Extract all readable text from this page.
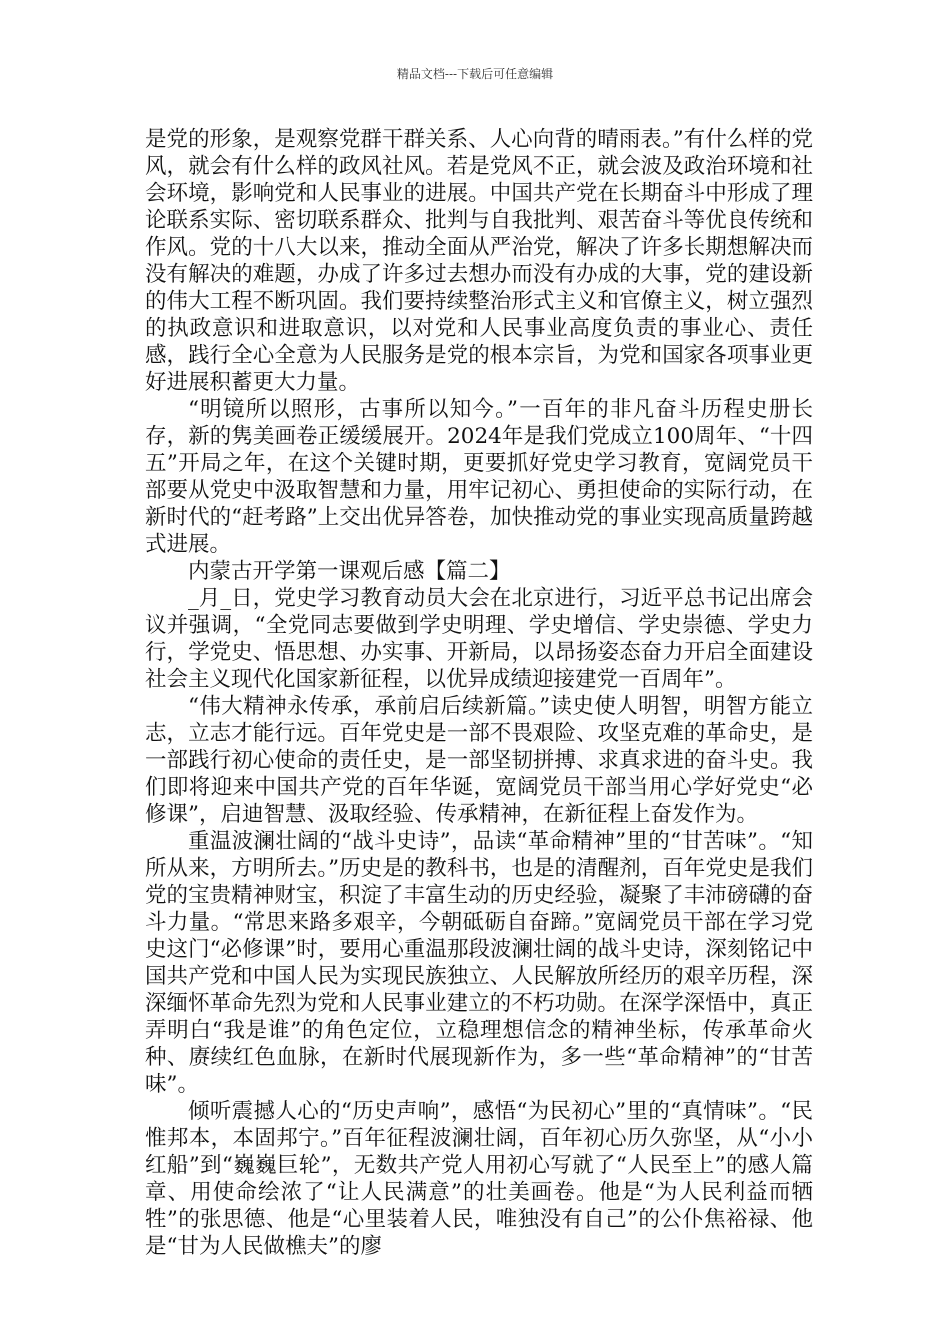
精品文档---下载后可任意编辑

是党的形象，是观察党群干群关系、人心向背的晴雨表。”有什么样的党风，就会有什么样的政风社风。若是党风不正，就会波及政治环境和社会环境，影响党和人民事业的进展。中国共产党在长期奋斗中形成了理论联系实际、密切联系群众、批判与自我批判、艰苦奋斗等优良传统和作风。党的十八大以来，推动全面从严治党，解决了许多长期想解决而没有解决的难题，办成了许多过去想办而没有办成的大事，党的建设新的伟大工程不断巩固。我们要持续整治形式主义和官僚主义，树立强烈的执政意识和进取意识，以对党和人民事业高度负责的事业心、责任感，践行全心全意为人民服务是党的根本宗旨，为党和国家各项事业更好进展积蓄更大力量。

“明镜所以照形，古事所以知今。”一百年的非凡奋斗历程史册长存，新的隽美画卷正缓缓展开。2024年是我们党成立100周年、“十四五”开局之年，在这个关键时期，更要抓好党史学习教育，宽阔党员干部要从党史中汲取智慧和力量，用牢记初心、勇担使命的实际行动，在新时代的“赶考路”上交出优异答卷，加快推动党的事业实现高质量跨越式进展。

内蒙古开学第一课观后感【篇二】

_月_日，党史学习教育动员大会在北京进行，习近平总书记出席会议并强调，“全党同志要做到学史明理、学史增信、学史崇德、学史力行，学党史、悟思想、办实事、开新局，以昂扬姿态奋力开启全面建设社会主义现代化国家新征程，以优异成绩迎接建党一百周年”。

“伟大精神永传承，承前启后续新篇。”读史使人明智，明智方能立志，立志才能行远。百年党史是一部不畏艰险、攻坚克难的革命史，是一部践行初心使命的责任史，是一部坚韧拼搏、求真求进的奋斗史。我们即将迎来中国共产党的百年华诞，宽阔党员干部当用心学好党史“必修课”，启迪智慧、汲取经验、传承精神，在新征程上奋发作为。

重温波澜壮阔的“战斗史诗”，品读“革命精神”里的“甘苦味”。“知所从来，方明所去。”历史是的教科书，也是的清醒剂，百年党史是我们党的宝贵精神财宝，积淀了丰富生动的历史经验，凝聚了丰沛磅礴的奋斗力量。“常思来路多艰辛，今朝砥砺自奋蹄。”宽阔党员干部在学习党史这门“必修课”时，要用心重温那段波澜壮阔的战斗史诗，深刻铭记中国共产党和中国人民为实现民族独立、人民解放所经历的艰辛历程，深深缅怀革命先烈为党和人民事业建立的不朽功勋。在深学深悟中，真正弄明白“我是谁”的角色定位，立稳理想信念的精神坐标，传承革命火种、赓续红色血脉，在新时代展现新作为，多一些“革命精神”的“甘苦味”。

倾听震撼人心的“历史声响”，感悟“为民初心”里的“真情味”。“民惟邦本，本固邦宁。”百年征程波澜壮阔，百年初心历久弥坚，从“小小红船”到“巍巍巨轮”，无数共产党人用初心写就了“人民至上”的感人篇章、用使命绘浓了“让人民满意”的壮美画卷。他是“为人民利益而牺牲”的张思德、他是“心里装着人民，唯独没有自己”的公仆焦裕禄、他是“甘为人民做樵夫”的廖
